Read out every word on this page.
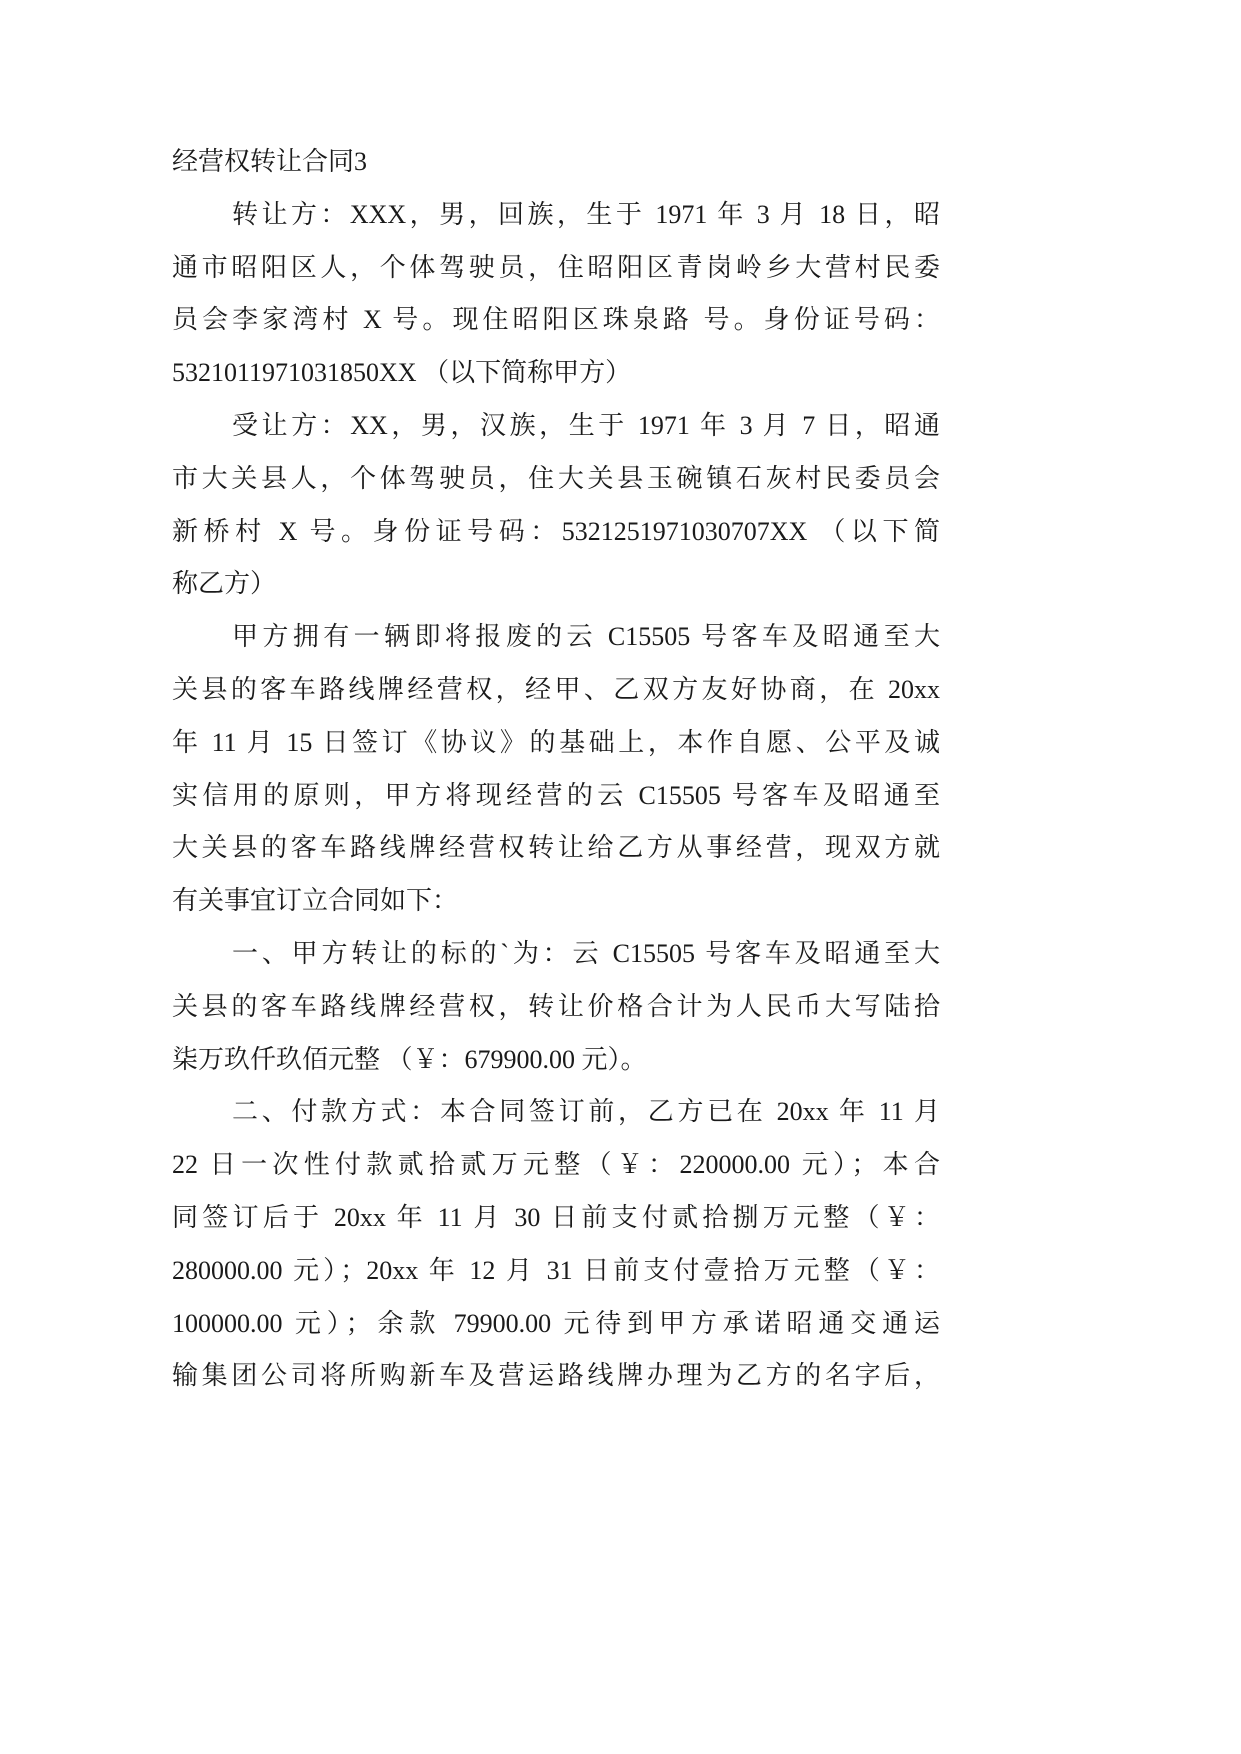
经营权转让合同3
转让方：XXX，男，回族，生于 1971 年 3 月 18 日，昭
通市昭阳区人，个体驾驶员，住昭阳区青岗岭乡大营村民委
员会李家湾村 X 号。现住昭阳区珠泉路 号。身份证号码：
5321011971031850XX （以下简称甲方）
受让方：XX，男，汉族，生于 1971 年 3 月 7 日，昭通
市大关县人，个体驾驶员，住大关县玉碗镇石灰村民委员会
新桥村 X 号。身份证号码：5321251971030707XX （以下简
称乙方）
甲方拥有一辆即将报废的云 C15505 号客车及昭通至大
关县的客车路线牌经营权，经甲、乙双方友好协商，在 20xx
年 11 月 15 日签订《协议》的基础上，本作自愿、公平及诚
实信用的原则，甲方将现经营的云 C15505 号客车及昭通至
大关县的客车路线牌经营权转让给乙方从事经营，现双方就
有关事宜订立合同如下：
一、甲方转让的标的`为：云 C15505 号客车及昭通至大
关县的客车路线牌经营权，转让价格合计为人民币大写陆拾
柒万玖仟玖佰元整 （￥：679900.00 元）。
二、付款方式：本合同签订前，乙方已在 20xx 年 11 月
22 日一次性付款贰拾贰万元整（￥：220000.00 元）；本合
同签订后于 20xx 年 11 月 30 日前支付贰拾捌万元整（￥：
280000.00 元）；20xx 年 12 月 31 日前支付壹拾万元整（￥：
100000.00 元）；余款 79900.00 元待到甲方承诺昭通交通运
输集团公司将所购新车及营运路线牌办理为乙方的名字后，
